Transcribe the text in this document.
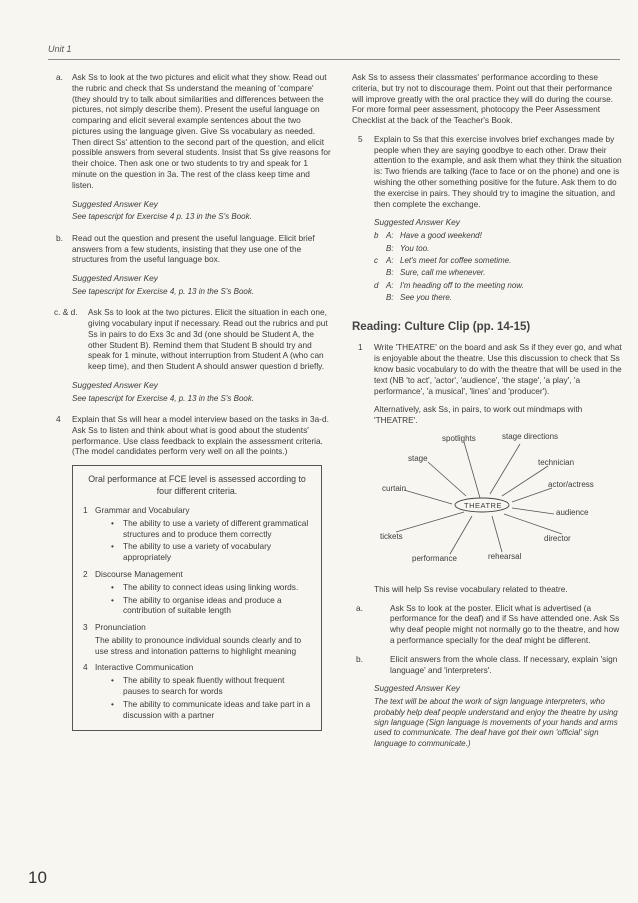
Unit 1
a. Ask Ss to look at the two pictures and elicit what they show. Read out the rubric and check that Ss understand the meaning of 'compare' (they should try to talk about similarities and differences between the pictures, not simply describe them). Present the useful language on comparing and elicit several example sentences about the two pictures using the language given. Give Ss vocabulary as needed. Then direct Ss' attention to the second part of the question, and elicit possible answers from several students. Insist that Ss give reasons for their choice. Then ask one or two students to try and speak for 1 minute on the question in 3a. The rest of the class keep time and listen.
Suggested Answer Key
See tapescript for Exercise 4 p. 13 in the S's Book.
b. Read out the question and present the useful language. Elicit brief answers from a few students, insisting that they use one of the structures from the useful language box.
Suggested Answer Key
See tapescript for Exercise 4, p. 13 in the S's Book.
c. & d. Ask Ss to look at the two pictures. Elicit the situation in each one, giving vocabulary input if necessary. Read out the rubrics and put Ss in pairs to do Exs 3c and 3d (one should be Student A, the other Student B). Remind them that Student B should try and speak for 1 minute, without interruption from Student A (who can keep time), and then Student A should answer question d briefly.
Suggested Answer Key
See tapescript for Exercise 4, p. 13 in the S's Book.
4 Explain that Ss will hear a model interview based on the tasks in 3a-d. Ask Ss to listen and think about what is good about the students' performance. Use class feedback to explain the assessment criteria. (The model candidates perform very well on all the points.)
Oral performance at FCE level is assessed according to four different criteria.
1 Grammar and Vocabulary
• The ability to use a variety of different grammatical structures and to produce them correctly
• The ability to use a variety of vocabulary appropriately
2 Discourse Management
• The ability to connect ideas using linking words.
• The ability to organise ideas and produce a contribution of suitable length
3 Pronunciation
The ability to pronounce individual sounds clearly and to use stress and intonation patterns to highlight meaning
4 Interactive Communication
• The ability to speak fluently without frequent pauses to search for words
• The ability to communicate ideas and take part in a discussion with a partner
Ask Ss to assess their classmates' performance according to these criteria, but try not to discourage them. Point out that their performance will improve greatly with the oral practice they will do during the course. For more formal peer assessment, photocopy the Peer Assessment Checklist at the back of the Teacher's Book.
5 Explain to Ss that this exercise involves brief exchanges made by people when they are saying goodbye to each other. Draw their attention to the example, and ask them what they think the situation is: Two friends are talking (face to face or on the phone) and one is wishing the other something positive for the future. Ask them to do the exercise in pairs. They should try to imagine the situation, and then complete the exchange.
Suggested Answer Key
b A: Have a good weekend!
B: You too.
c	A: Let's meet for coffee sometime.
B: Sure, call me whenever.
d A: I'm heading off to the meeting now.
B: See you there.
Reading: Culture Clip (pp. 14-15)
1 Write 'THEATRE' on the board and ask Ss if they ever go, and what is enjoyable about the theatre. Use this discussion to check that Ss know basic vocabulary to do with the theatre that will be used in the text (NB 'to act', 'actor', 'audience', 'the stage', 'a play', 'a performance', 'a musical', 'lines' and 'producer').
Alternatively, ask Ss, in pairs, to work out mindmaps with 'THEATRE'.
THEATRE
spotlights	stage directions
stage	technician
actor/actress
curtain
audience
tickets	director
performance	rehearsal
This will help Ss revise vocabulary related to theatre.
a.	Ask Ss to look at the poster. Elicit what is advertised (a performance for the deaf) and if Ss have attended one. Ask Ss why deaf people might not normally go to the theatre, and how a performance specially for the deaf might be different.
b.	Elicit answers from the whole class. If necessary, explain 'sign language' and 'interpreters'.
Suggested Answer Key
The text will be about the work of sign language interpreters, who probably help deaf people understand and enjoy the theatre by using sign language (Sign language is movements of your hands and arms used to communicate. The deaf have got their own 'official' sign language to communicate.)
10
